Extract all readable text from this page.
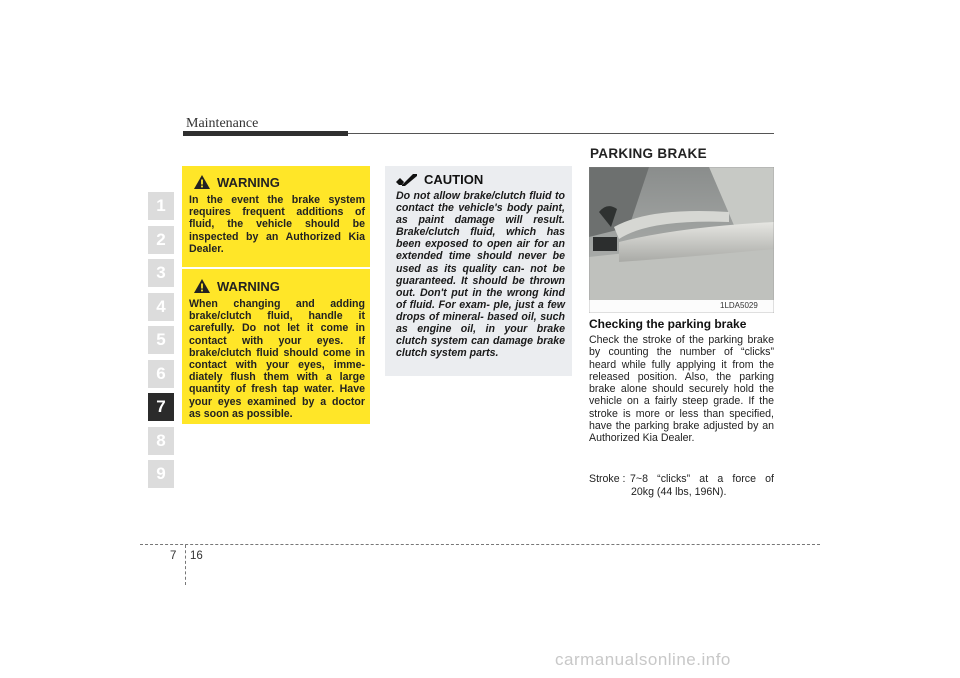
Maintenance
1
2
3
4
5
6
7
8
9
WARNING
In the event the brake system requires frequent additions of fluid, the vehicle should be inspected by an Authorized Kia Dealer.
WARNING
When changing and adding brake/clutch fluid, handle it carefully. Do not let it come in contact with your eyes. If brake/clutch fluid should come in contact with your eyes, imme- diately flush them with a large quantity of fresh tap water. Have your eyes examined by a doctor as soon as possible.
CAUTION
Do not allow brake/clutch fluid to contact the vehicle's body paint, as paint damage will result. Brake/clutch fluid, which has been exposed to open air for an extended time should never be used as its quality can- not be guaranteed. It should be thrown out. Don't put in the wrong kind of fluid. For exam- ple, just a few drops of mineral- based oil, such as engine oil, in your brake clutch system can damage brake clutch system parts.
PARKING BRAKE
1LDA5029
Checking the parking brake
Check the stroke of the parking brake by counting the number of “clicks” heard while fully applying it from the released position. Also, the parking brake alone should securely hold the vehicle on a fairly steep grade. If the stroke is more or less than specified, have the parking brake adjusted by an Authorized Kia Dealer.
Stroke : 7~8 “clicks” at a force of
20kg (44 lbs, 196N).
7 16
carmanualsonline.info
